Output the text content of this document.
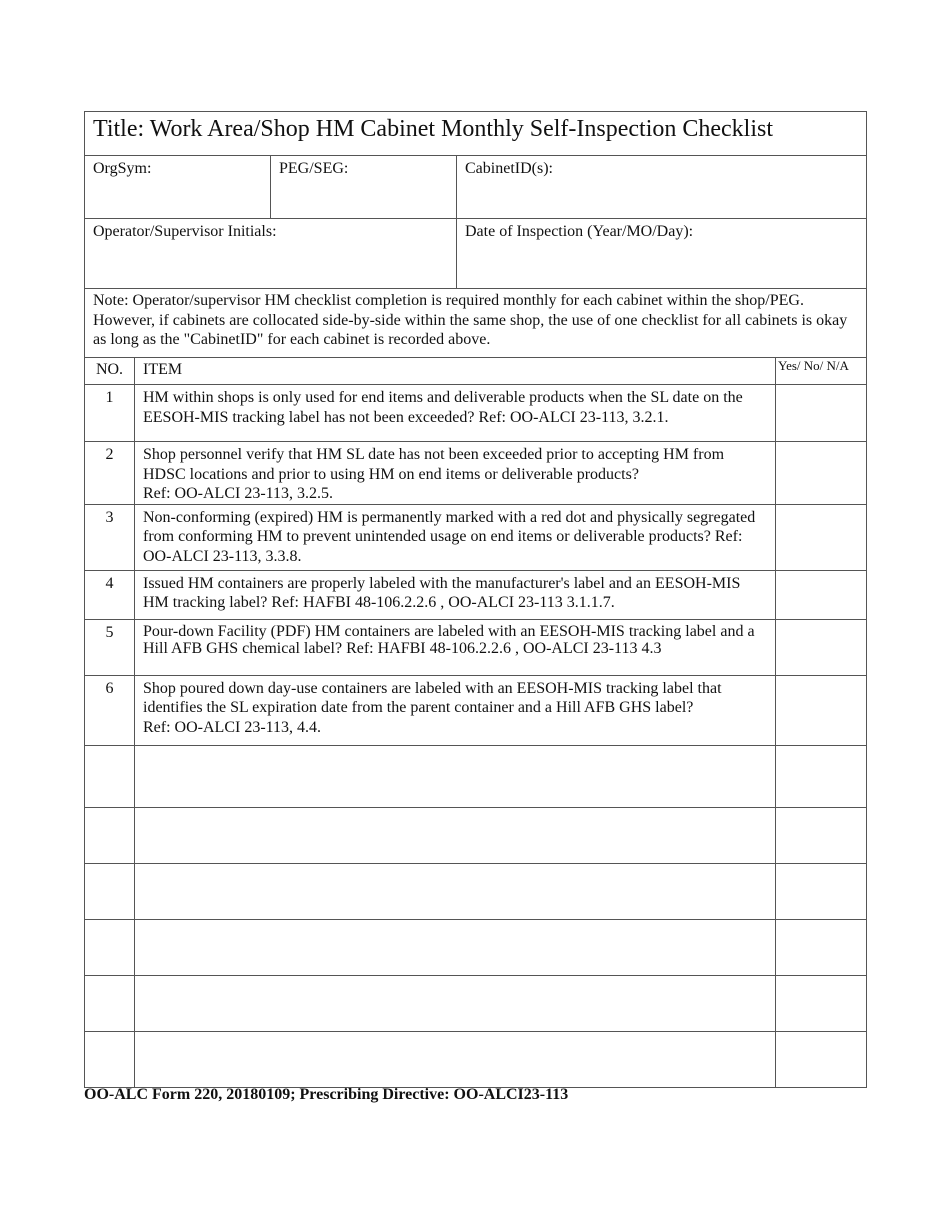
Title: Work Area/Shop HM Cabinet Monthly Self-Inspection Checklist				
OrgSym:		PEG/SEG:	CabinetID(s):	
Operator/Supervisor Initials:			Date of Inspection (Year/MO/Day):	
Note: Operator/supervisor HM checklist completion is required monthly for each cabinet within the shop/PEG. However, if cabinets are collocated side-by-side within the same shop, the use of one checklist for all cabinets is okay as long as the "CabinetID" for each cabinet is recorded above.				
NO.	ITEM			Yes/ No/ N/A
1	HM within shops is only used for end items and deliverable products when the SL date on the EESOH-MIS tracking label has not been exceeded? Ref: OO-ALCI 23-113, 3.2.1.			
2	Shop personnel verify that HM SL date has not been exceeded prior to accepting HM from HDSC locations and prior to using HM on end items or deliverable products?
Ref: OO-ALCI 23-113, 3.2.5.			
3	Non-conforming (expired) HM is permanently marked with a red dot and physically segregated from conforming HM to prevent unintended usage on end items or deliverable products? Ref: OO-ALCI 23-113, 3.3.8.			
4	Issued HM containers are properly labeled with the manufacturer's label and an EESOH-MIS HM tracking label? Ref: HAFBI 48-106.2.2.6 , OO-ALCI 23-113 3.1.1.7.			
5	Pour-down Facility (PDF) HM containers are labeled with an EESOH-MIS tracking label and a Hill AFB GHS chemical label? Ref: HAFBI 48-106.2.2.6 , OO-ALCI 23-113 4.3			
6	Shop poured down day-use containers are labeled with an EESOH-MIS tracking label that identifies the SL expiration date from the parent container and a Hill AFB GHS label?
Ref: OO-ALCI 23-113, 4.4.			

OO-ALC Form 220, 20180109; Prescribing Directive: OO-ALCI23-113
